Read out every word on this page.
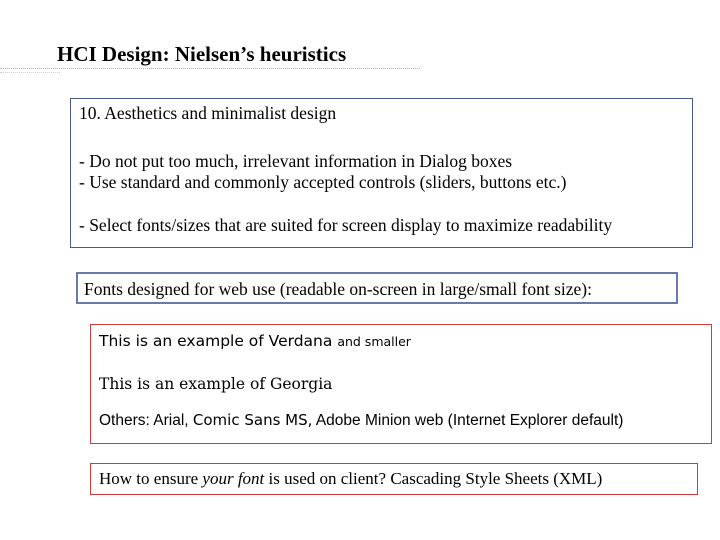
HCI Design: Nielsen’s heuristics
10. Aesthetics and minimalist design
- Do not put too much, irrelevant information in Dialog boxes
- Use standard and commonly accepted controls (sliders, buttons etc.)
- Select fonts/sizes that are suited for screen display to maximize readability
Fonts designed for web use (readable on-screen in large/small font size):
This is an example of Verdana and smaller
This is an example of Georgia
Others: Arial, Comic Sans MS, Adobe Minion web (Internet Explorer default)
How to ensure your font is used on client? Cascading Style Sheets (XML)
